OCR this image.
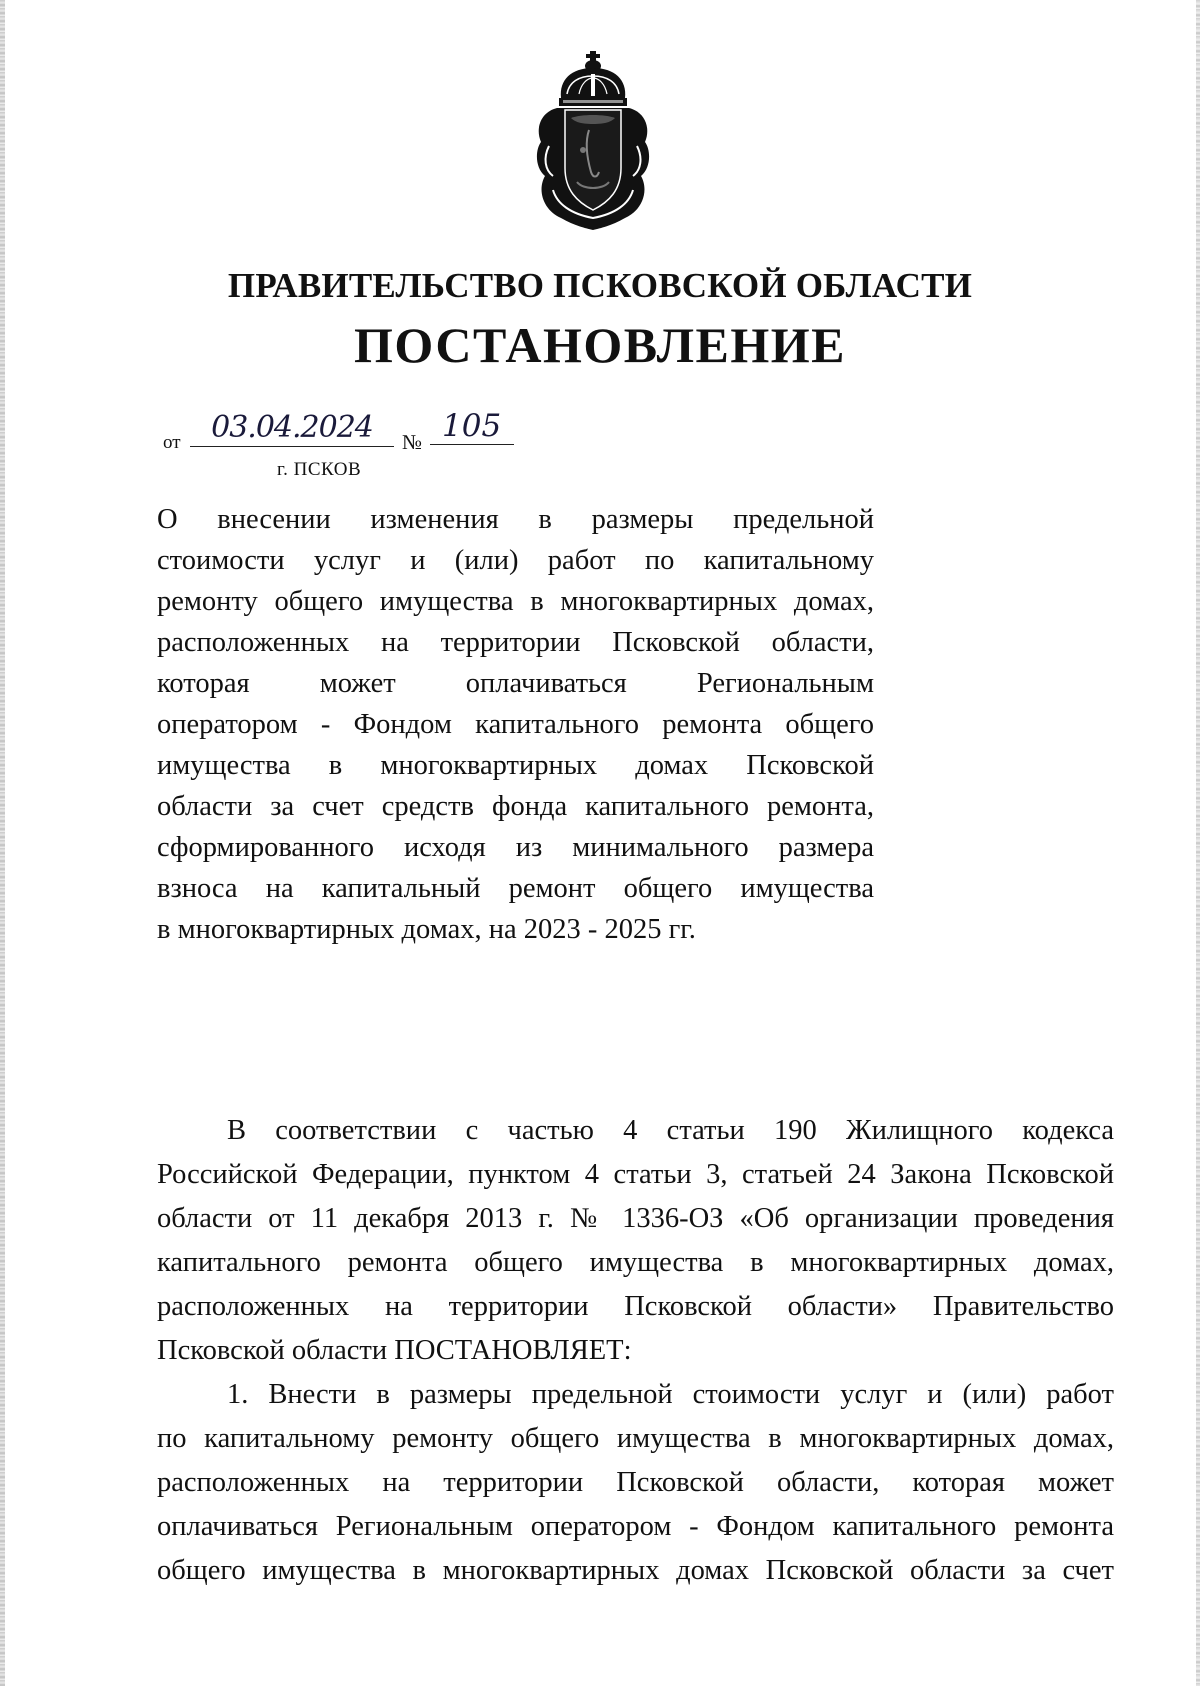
ПРАВИТЕЛЬСТВО ПСКОВСКОЙ ОБЛАСТИ
ПОСТАНОВЛЕНИЕ
от	03.04.2024	№ 105
г. ПСКОВ
О внесении изменения в размеры предельной
стоимости услуг и (или) работ по капитальному
ремонту общего имущества в многоквартирных домах,
расположенных на территории Псковской области,
которая может оплачиваться Региональным
оператором - Фондом капитального ремонта общего
имущества в многоквартирных домах Псковской
области за счет средств фонда капитального ремонта,
сформированного исходя из минимального размера
взноса на капитальный ремонт общего имущества
в многоквартирных домах, на 2023 - 2025 гг.
В соответствии с частью 4 статьи 190 Жилищного кодекса
Российской Федерации, пунктом 4 статьи 3, статьей 24 Закона Псковской
области от 11 декабря 2013 г. № 1336-ОЗ «Об организации проведения
капитального ремонта общего имущества в многоквартирных домах,
расположенных на территории Псковской области» Правительство
Псковской области ПОСТАНОВЛЯЕТ:
1. Внести в размеры предельной стоимости услуг и (или) работ
по капитальному ремонту общего имущества в многоквартирных домах,
расположенных на территории Псковской области, которая может
оплачиваться Региональным оператором - Фондом капитального ремонта
общего имущества в многоквартирных домах Псковской области за счет
